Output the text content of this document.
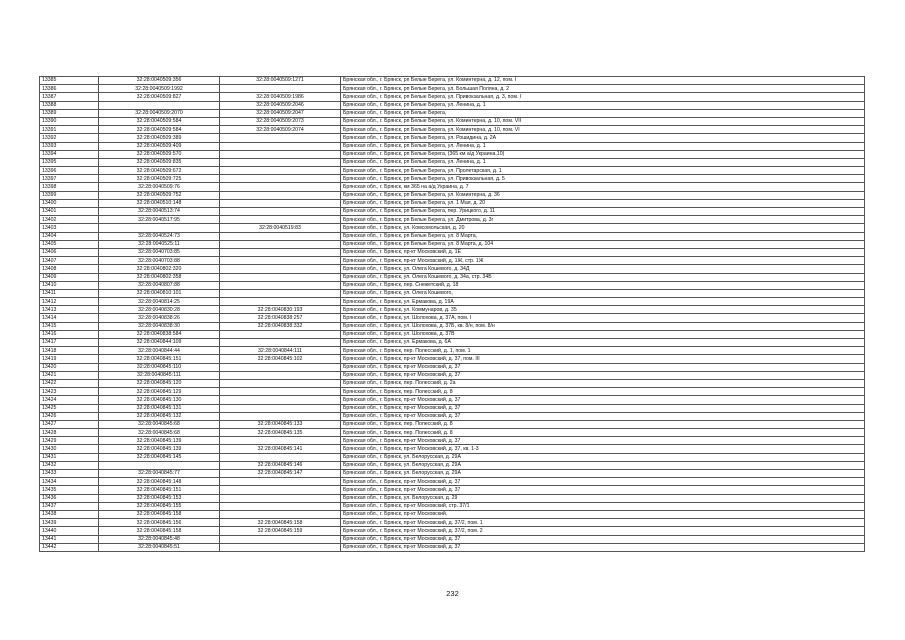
13385	32:28:0040509:356	32:28:0040509:1271	Брянская обл., г. Брянск, рп Белые Берега, ул. Коминтерна, д. 12, пом. I
13386	32:28:0040509:1992		Брянская обл., г. Брянск, рп Белые Берега, ул. Большая Поляна, д. 2
13387	32:28:0040509:827	32:28:0040509:1986	Брянская обл., г. Брянск, рп Белые Берега, ул. Привокзальная, д. 3, пом. I
13388		32:28:0040509:2046	Брянская обл., г. Брянск, рп Белые Берега, ул. Ленина, д. 1
13389	32:28:0040509:2070	32:28:0040509:2047	Брянская обл., г. Брянск, рп Белые Берега,
13390	32:28:0040509:584	32:28:0040509:2073	Брянская обл., г. Брянск, рп Белые Берега, ул. Коминтерна, д. 10, пом. VII
13391	32:28:0040509:584	32:28:0040509:2074	Брянская обл., г. Брянск, рп Белые Берега, ул. Коминтерна, д. 10, пом. VI
13392	32:28:0040509:389		Брянская обл., г. Брянск, рп Белые Берега, ул. Рошидина, д. 2А
13393	32:28:0040509:409		Брянская обл., г. Брянск, рп Белые Берега, ул. Ленина, д. 1
13394	32:28:0040509:570		Брянская обл., г. Брянск, рп Белые Берега, (365 км а/д Украина,10)
13395	32:28:0040509:835		Брянская обл., г. Брянск, рп Белые Берега, ул. Ленина, д. 1
13396	32:28:0040509:672		Брянская обл., г. Брянск, рп Белые Берега, ул. Пролетарская, д. 1
13397	32:28:0040509:725		Брянская обл., г. Брянск, рп Белые Берега, ул. Привокзальная, д. 5
13398	32:28:0040509:76		Брянская обл., г. Брянск, км 365 на а/д Украина, д. 7
13399	32:28:0040509:752		Брянская обл., г. Брянск, рп Белые Берега, ул. Коминтерна, д. 36
13400	32:28:0040510:148		Брянская обл., г. Брянск, рп Белые Берега, ул. 1 Мая, д. 20
13401	32:28:0040513:74		Брянская обл., г. Брянск, рп Белые Берега, пер. Урицкого, д. 11
13402	32:28:0040517:95		Брянская обл., г. Брянск, рп Белые Берега, ул. Дмитрова, д. 3г
13403		32:28:0040519:83	Брянская обл., г. Брянск, ул. Комсомольская, д. 20
13404	32:28:0040524:73		Брянская обл., г. Брянск, рп Белые Берега, ул. 8 Марта,
13405	32:28:0040525:11		Брянская обл., г. Брянск, рп Белые Берега, ул. 8 Марта, д. 104
13406	32:28:0040703:85		Брянская обл., г. Брянск, пр-кт Московский, д. 1Е
13407	32:28:0040703:88		Брянская обл., г. Брянск, пр-кт Московский, д. 1Ж, стр. 1Ж
13408	32:28:0040802:320		Брянская обл., г. Брянск, ул. Олега Кошевого, д. 34Д
13409	32:28:0040802:358		Брянская обл., г. Брянск, ул. Олега Кошевого, д. 34а, стр. 34Б
13410	32:28:0040807:88		Брянская обл., г. Брянск, пер. Снежетский, д. 18
13411	32:28:0040810:101		Брянская обл., г. Брянск, ул. Олега Кошевого,
13412	32:28:0040814:25		Брянская обл., г. Брянск, ул. Ермакова, д. 19А
13413	32:28:0040830:28	32:28:0040830:193	Брянская обл., г. Брянск, ул. Коммунаров, д. 35
13414	32:28:0040838:26	32:28:0040838:257	Брянская обл., г. Брянск, ул. Шолохова, д. 37А, пом. I
13415	32:28:0040838:30	32:28:0040838:332	Брянская обл., г. Брянск, ул. Шолохова, д. 37Б, кв. 8/н, пом. 8/н
13416	32:28:0040838:584		Брянская обл., г. Брянск, ул. Шолохова, д. 37В
13417	32:28:0040844:109		Брянская обл., г. Брянск, ул. Ермакова, д. 6А
13418	32:28:0040844:44	32:28:0040844:111	Брянская обл., г. Брянск, пер. Полесский, д. 1, пом. 1
13419	32:28:0040845:151	32:28:0040845:102	Брянская обл., г. Брянск, пр-кт Московский, д. 37, пом. III
13420	32:28:0040845:110		Брянская обл., г. Брянск, пр-кт Московский, д. 37
13421	32:28:0040845:111		Брянская обл., г. Брянск, пр-кт Московский, д. 37
13422	32:28:0040845:120		Брянская обл., г. Брянск, пер. Полесский, д. 2а
13423	32:28:0040845:129		Брянская обл., г. Брянск, пер. Полесский, д. 8
13424	32:28:0040845:130		Брянская обл., г. Брянск, пр-кт Московский, д. 37
13425	32:28:0040845:131		Брянская обл., г. Брянск, пр-кт Московский, д. 37
13426	32:28:0040845:132		Брянская обл., г. Брянск, пр-кт Московский, д. 37
13427	32:28:0040845:68	32:28:0040845:133	Брянская обл., г. Брянск, пер. Полесский, д. 8
13428	32:28:0040845:68	32:28:0040845:135	Брянская обл., г. Брянск, пер. Полесский, д. 8
13429	32:28:0040845:139		Брянская обл., г. Брянск, пр-кт Московский, д. 37
13430	32:28:0040845:139	32:28:0040845:141	Брянская обл., г. Брянск, пр-кт Московский, д. 37, кв. 1-3
13431	32:28:0040845:145		Брянская обл., г. Брянск, ул. Белорусская, д. 29А
13432		32:28:0040845:146	Брянская обл., г. Брянск, ул. Белорусская, д. 29А
13433	32:28:0040845:77	32:28:0040845:147	Брянская обл., г. Брянск, ул. Белорусская, д. 29А
13434	32:28:0040845:148		Брянская обл., г. Брянск, пр-кт Московский, д. 37
13435	32:28:0040845:151		Брянская обл., г. Брянск, пр-кт Московский, д. 37
13436	32:28:0040845:153		Брянская обл., г. Брянск, ул. Белорусская, д. 29
13437	32:28:0040845:155		Брянская обл., г. Брянск, пр-кт Московский, стр. 37/1
13438	32:28:0040845:158		Брянская обл., г. Брянск, пр-кт Московский,
13439	32:28:0040845:156	32:28:0040845:158	Брянская обл., г. Брянск, пр-кт Московский, д. 37/2, пом. 1
13440	32:28:0040845:158	32:28:0040845:159	Брянская обл., г. Брянск, пр-кт Московский, д. 37/2, пом. 2
13441	32:28:0040845:48		Брянская обл., г. Брянск, пр-кт Московский, д. 37
13442	32:28:0040845:51		Брянская обл., г. Брянск, пр-кт Московский, д. 37
232
